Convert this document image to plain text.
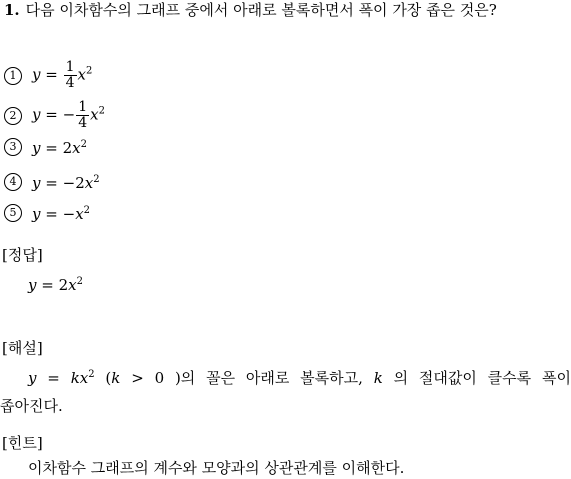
1. 다음 이차함수의 그래프 중에서 아래로 볼록하면서 폭이 가장 좁은 것은?
1	$y = \frac{1}{4} x^2$
2	y = − $\frac{1}{4} x^2$
3	$y = 2x^2$
4	$y = -2x^2$
5	$y = -x^2$
[정답]
$y = 2x^2$
[해설]
$y = kx^2$ (k > 0 )의 꼴은 아래로 볼록하고, k 의 절대값이 클수록 폭이
좁아진다.
[힌트]
이차함수 그래프의 계수와 모양과의 상관관계를 이해한다.
